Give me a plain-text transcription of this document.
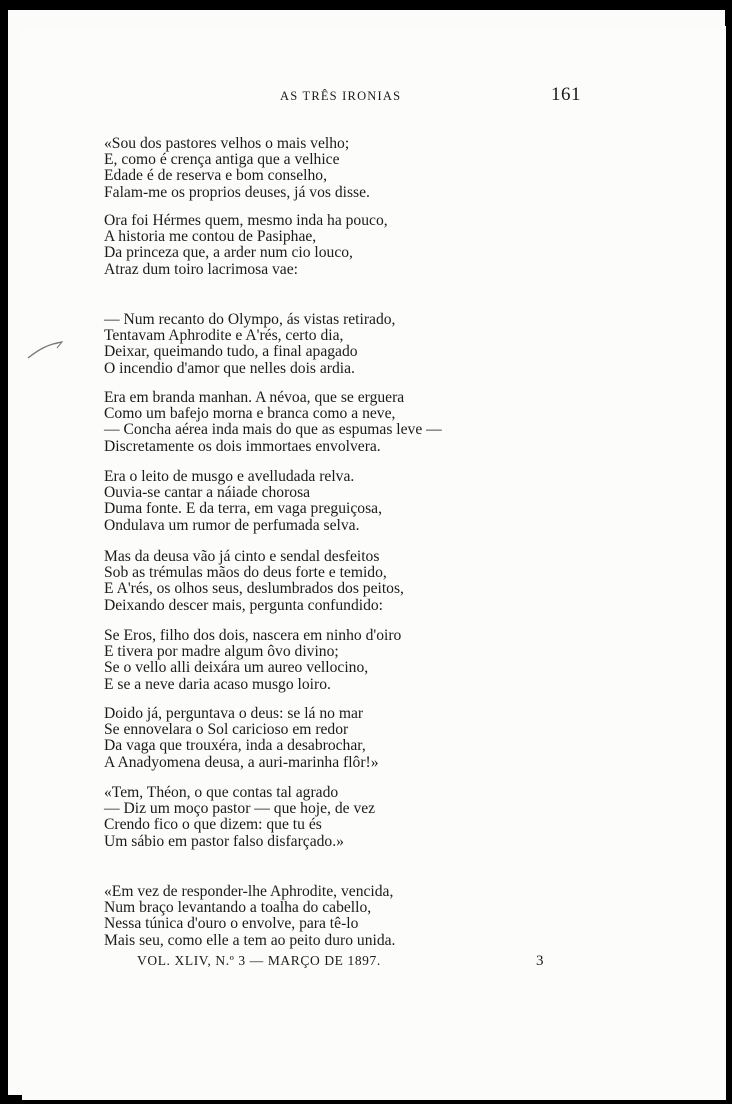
AS TRÊS IRONIAS	161
«Sou dos pastores velhos o mais velho;
E, como é crença antiga que a velhice
Edade é de reserva e bom conselho,
Falam-me os proprios deuses, já vos disse.
Ora foi Hérmes quem, mesmo inda ha pouco,
A historia me contou de Pasiphae,
Da princeza que, a arder num cio louco,
Atraz dum toiro lacrimosa vae:
— Num recanto do Olympo, ás vistas retirado,
Tentavam Aphrodite e A'rés, certo dia,
Deixar, queimando tudo, a final apagado
O incendio d'amor que nelles dois ardia.
Era em branda manhan. A névoa, que se erguera
Como um bafejo morna e branca como a neve,
— Concha aérea inda mais do que as espumas leve —
Discretamente os dois immortaes envolvera.
Era o leito de musgo e avelludada relva.
Ouvia-se cantar a náiade chorosa
Duma fonte. E da terra, em vaga preguiçosa,
Ondulava um rumor de perfumada selva.
Mas da deusa vão já cinto e sendal desfeitos
Sob as trémulas mãos do deus forte e temido,
E A'rés, os olhos seus, deslumbrados dos peitos,
Deixando descer mais, pergunta confundido:
Se Eros, filho dos dois, nascera em ninho d'oiro
E tivera por madre algum ôvo divino;
Se o vello alli deixára um aureo vellocino,
E se a neve daria acaso musgo loiro.
Doido já, perguntava o deus: se lá no mar
Se ennovelara o Sol caricioso em redor
Da vaga que trouxéra, inda a desabrochar,
A Anadyomena deusa, a auri-marinha flôr!»
«Tem, Théon, o que contas tal agrado
— Diz um moço pastor — que hoje, de vez
Crendo fico o que dizem: que tu és
Um sábio em pastor falso disfarçado.»
«Em vez de responder-lhe Aphrodite, vencida,
Num braço levantando a toalha do cabello,
Nessa túnica d'ouro o envolve, para tê-lo
Mais seu, como elle a tem ao peito duro unida.
VOL. XLIV, N.º 3 — MARÇO DE 1897.	3
